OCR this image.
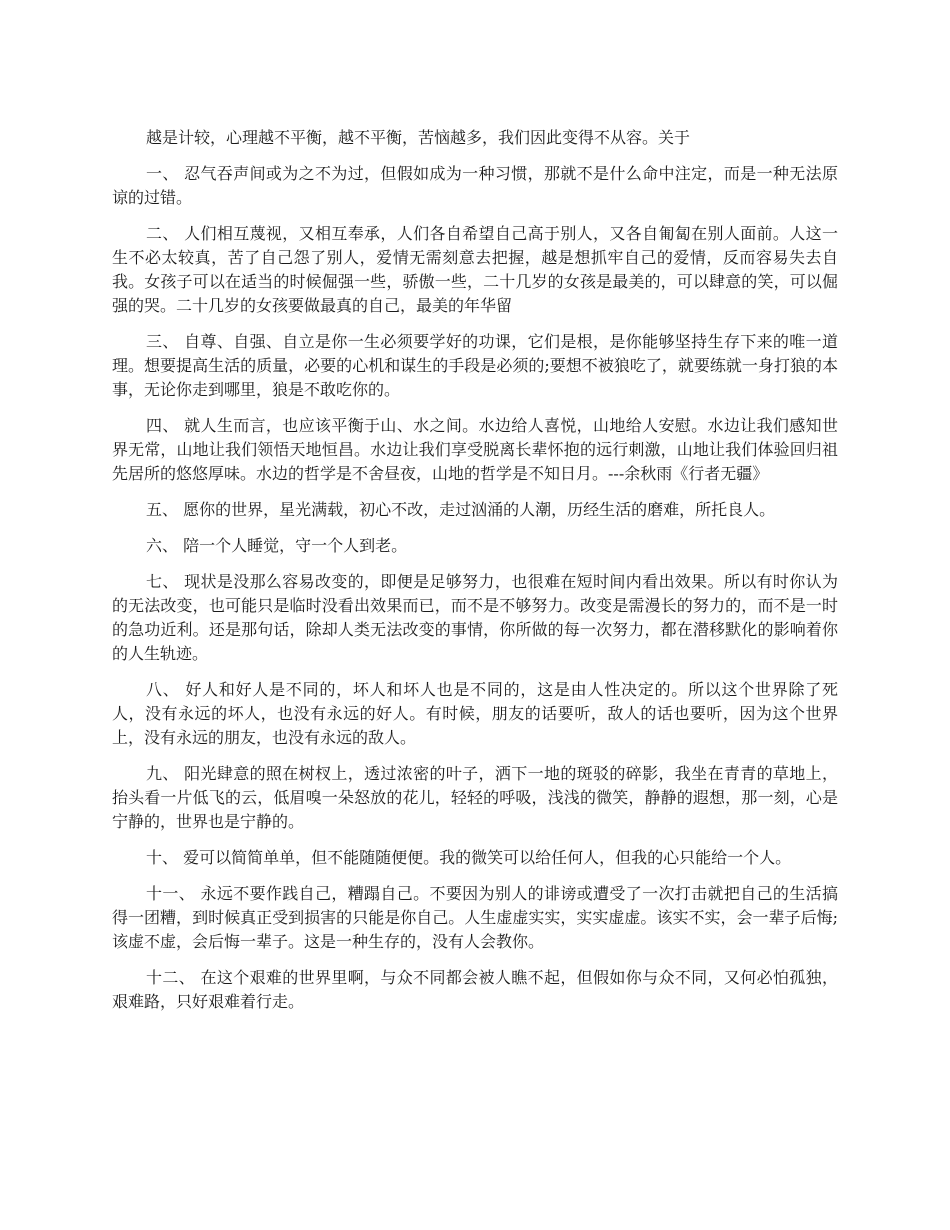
越是计较，心理越不平衡，越不平衡，苦恼越多，我们因此变得不从容。关于

一、 忍气吞声间或为之不为过，但假如成为一种习惯，那就不是什么命中注定，而是一种无法原谅的过错。

二、 人们相互蔑视，又相互奉承，人们各自希望自己高于别人，又各自匍匐在别人面前。人这一生不必太较真，苦了自己怨了别人，爱情无需刻意去把握，越是想抓牢自己的爱情，反而容易失去自我。女孩子可以在适当的时候倔强一些，骄傲一些，二十几岁的女孩是最美的，可以肆意的笑，可以倔强的哭。二十几岁的女孩要做最真的自己，最美的年华留

三、 自尊、自强、自立是你一生必须要学好的功课，它们是根，是你能够坚持生存下来的唯一道理。想要提高生活的质量，必要的心机和谋生的手段是必须的;要想不被狼吃了，就要练就一身打狼的本事，无论你走到哪里，狼是不敢吃你的。

四、 就人生而言，也应该平衡于山、水之间。水边给人喜悦，山地给人安慰。水边让我们感知世界无常，山地让我们领悟天地恒昌。水边让我们享受脱离长辈怀抱的远行刺激，山地让我们体验回归祖先居所的悠悠厚味。水边的哲学是不舍昼夜，山地的哲学是不知日月。---余秋雨《行者无疆》

五、 愿你的世界，星光满载，初心不改，走过汹涌的人潮，历经生活的磨难，所托良人。

六、 陪一个人睡觉，守一个人到老。

七、 现状是没那么容易改变的，即便是足够努力，也很难在短时间内看出效果。所以有时你认为的无法改变，也可能只是临时没看出效果而已，而不是不够努力。改变是需漫长的努力的，而不是一时的急功近利。还是那句话，除却人类无法改变的事情，你所做的每一次努力，都在潜移默化的影响着你的人生轨迹。

八、 好人和好人是不同的，坏人和坏人也是不同的，这是由人性决定的。所以这个世界除了死人，没有永远的坏人，也没有永远的好人。有时候，朋友的话要听，敌人的话也要听，因为这个世界上，没有永远的朋友，也没有永远的敌人。

九、 阳光肆意的照在树杈上，透过浓密的叶子，洒下一地的斑驳的碎影，我坐在青青的草地上，抬头看一片低飞的云，低眉嗅一朵怒放的花儿，轻轻的呼吸，浅浅的微笑，静静的遐想，那一刻，心是宁静的，世界也是宁静的。

十、 爱可以简简单单，但不能随随便便。我的微笑可以给任何人，但我的心只能给一个人。

十一、 永远不要作践自己，糟蹋自己。不要因为别人的诽谤或遭受了一次打击就把自己的生活搞得一团糟，到时候真正受到损害的只能是你自己。人生虚虚实实，实实虚虚。该实不实，会一辈子后悔;该虚不虚，会后悔一辈子。这是一种生存的，没有人会教你。

十二、 在这个艰难的世界里啊，与众不同都会被人瞧不起，但假如你与众不同，又何必怕孤独，艰难路，只好艰难着行走。
